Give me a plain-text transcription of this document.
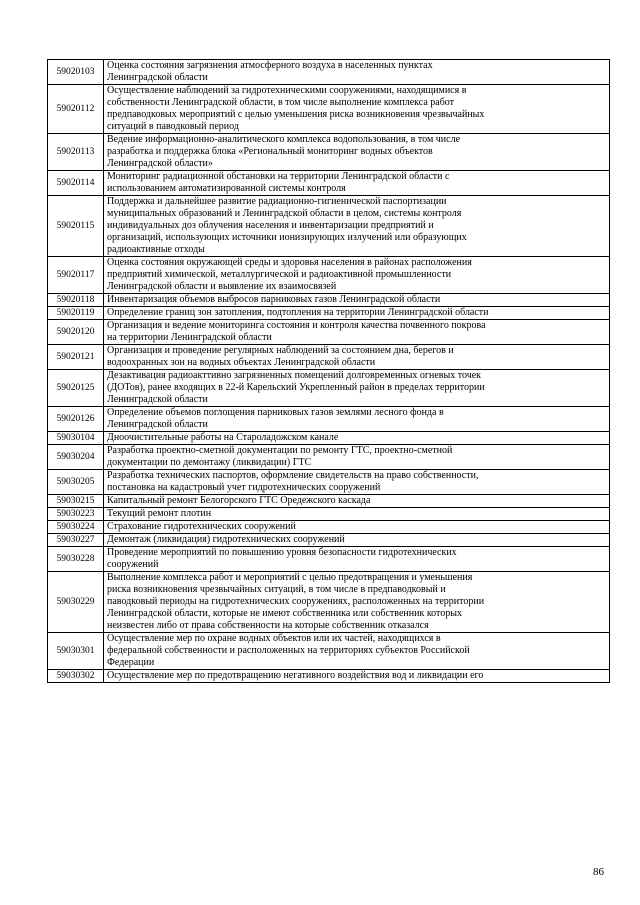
59020103	Оценка состояния загрязнения атмосферного воздуха в населенных пунктах
Ленинградской области

59020112	Осуществление наблюдений за гидротехническими сооружениями, находящимися в
собственности Ленинградской области, в том числе выполнение комплекса работ
предпаводковых мероприятий с целью уменьшения риска возникновения чрезвычайных
ситуаций в паводковый период

59020113	Ведение информационно-аналитического комплекса водопользования, в том числе
разработка и поддержка блока «Региональный мониторинг водных объектов
Ленинградской области»

59020114	Мониторинг радиационной обстановки на территории Ленинградской области с
использованием автоматизированной системы контроля

59020115	Поддержка и дальнейшее развитие радиационно-гигиенической паспортизации
муниципальных образований и Ленинградской области в целом, системы контроля
индивидуальных доз облучения населения и инвентаризации предприятий и
организаций, использующих источники ионизирующих излучений или образующих
радиоактивные отходы

59020117	Оценка состояния окружающей среды и здоровья населения в районах расположения
предприятий химической, металлургической и радиоактивной промышленности
Ленинградской области и выявление их взаимосвязей

59020118	Инвентаризация объемов выбросов парниковых газов Ленинградской области

59020119	Определение границ зон затопления, подтопления на территории Ленинградской области

59020120	Организация и ведение мониторинга состояния и контроля качества почвенного покрова
на территории Ленинградской области

59020121	Организация и проведение регулярных наблюдений за состоянием дна, берегов и
водоохранных зон на водных объектах Ленинградской области

59020125	Дезактивация радиоакттивно загрязненных помещений долговременных огневых точек
(ДОТов), ранее входящих в 22-й Карельский Укрепленный район в пределах территории
Ленинградской области

59020126	Определение объемов поглощения парниковых газов землями лесного фонда в
Ленинградской области

59030104	Дноочистительные работы на Староладожском канале

59030204	Разработка проектно-сметной документации по ремонту ГТС, проектно-сметной
документации по демонтажу (ликвидации) ГТС

59030205	Разработка технических паспортов, оформление свидетельств на право собственности,
постановка на кадастровый учет гидротехнических сооружений

59030215	Капитальный ремонт Белогорского ГТС Оредежского каскада

59030223	Текущий ремонт плотин

59030224	Страхование гидротехнических сооружений

59030227	Демонтаж (ликвидация) гидротехнических сооружений

59030228	Проведение мероприятий по повышению уровня безопасности гидротехнических
сооружений

59030229	Выполнение комплекса работ и мероприятий с целью предотвращения и уменьшения
риска возникновения чрезвычайных ситуаций, в том числе в предпаводковый и
паводковый периоды на гидротехнических сооружениях, расположенных на территории
Ленинградской области, которые не имеют собственника или собственник которых
неизвестен либо от права собственности на которые собственник отказался

59030301	Осуществление мер по охране водных объектов или их частей, находящихся в
федеральной собственности и расположенных на территориях субъектов Российской
Федерации

59030302	Осуществление мер по предотвращению негативного воздействия вод и ликвидации его
86
